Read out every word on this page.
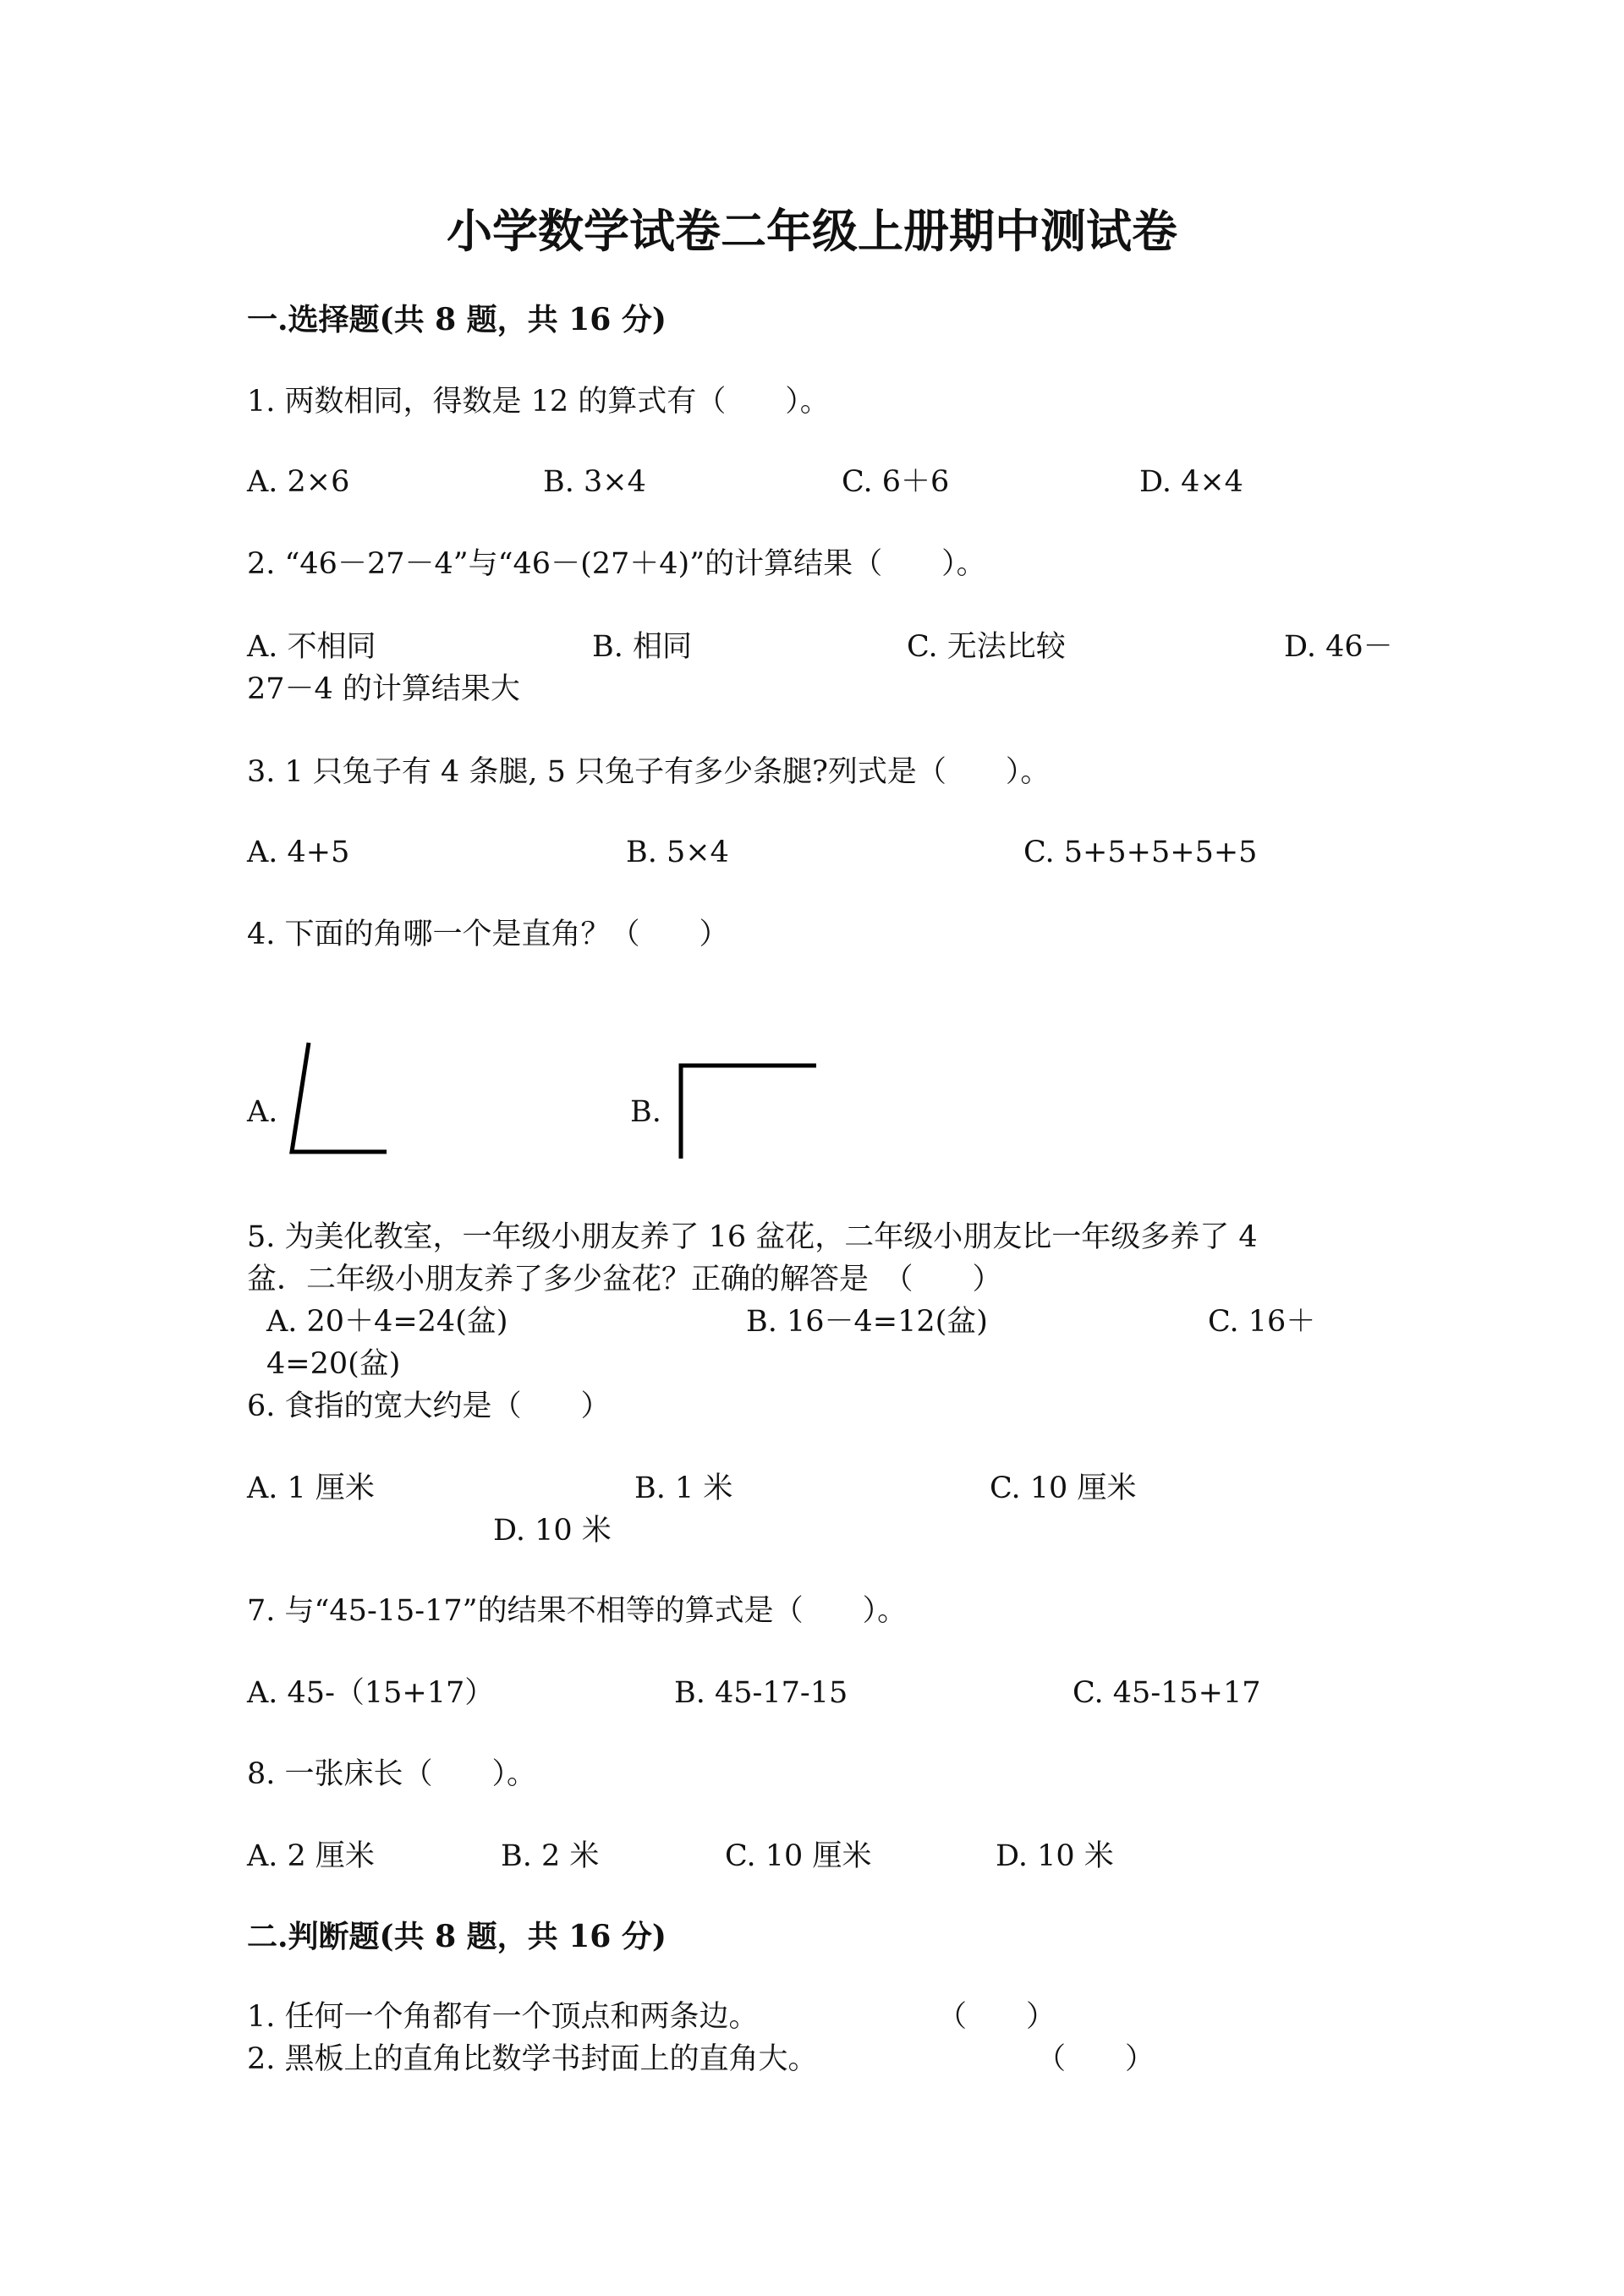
小学数学试卷二年级上册期中测试卷
一.选择题(共 8 题，共 16 分)
1. 两数相同，得数是 12 的算式有（　　）。
A. 2×6	B. 3×4	C. 6＋6	D. 4×4
2. “46－27－4”与“46－(27＋4)”的计算结果（　　）。
A. 不相同	B. 相同	C. 无法比较	D. 46－
27－4 的计算结果大
3. 1 只兔子有 4 条腿, 5 只兔子有多少条腿?列式是（　　）。
A. 4+5	B. 5×4	C. 5+5+5+5+5
4. 下面的角哪一个是直角？（　　）
A.	B.
5. 为美化教室，一年级小朋友养了 16 盆花，二年级小朋友比一年级多养了 4
盆．二年级小朋友养了多少盆花？正确的解答是　（　　）
A. 20＋4=24(盆)	B. 16－4=12(盆)	C. 16＋
4=20(盆)
6. 食指的宽大约是（　　）
A. 1 厘米	B. 1 米	C. 10 厘米
D. 10 米
7. 与“45-15-17”的结果不相等的算式是（　　）。
A. 45-（15+17）	B. 45-17-15	C. 45-15+17
8. 一张床长（　　）。
A. 2 厘米	B. 2 米	C. 10 厘米	D. 10 米
二.判断题(共 8 题，共 16 分)
1. 任何一个角都有一个顶点和两条边。	（　　）
2. 黑板上的直角比数学书封面上的直角大。	（　　）
